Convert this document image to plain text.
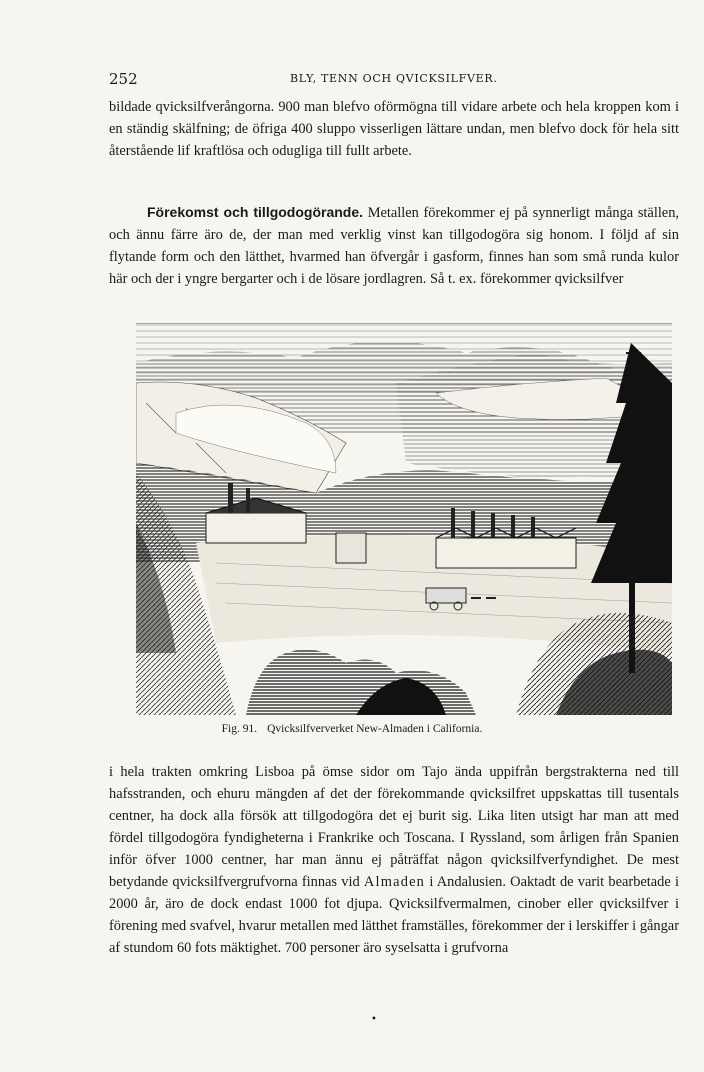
252	BLY, TENN OCH QVICKSILFVER.
bildade qvicksilfverångorna. 900 man blefvo oförmögna till vidare arbete och hela kroppen kom i en ständig skälfning; de öfriga 400 sluppo visserligen lättare undan, men blefvo dock för hela sitt återstående lif kraftlösa och odugliga till fullt arbete.
Förekomst och tillgodogörande. Metallen förekommer ej på synnerligt många ställen, och ännu färre äro de, der man med verklig vinst kan tillgodogöra sig honom. I följd af sin flytande form och den lätthet, hvarmed han öfvergår i gasform, finnes han som små runda kulor här och der i yngre bergarter och i de lösare jordlagren. Så t. ex. förekommer qvicksilfver
Fig. 91. Qvicksilfververket New-Almaden i California.
i hela trakten omkring Lisboa på ömse sidor om Tajo ända uppifrån bergstrakterna ned till hafsstranden, och ehuru mängden af det der förekommande qvicksilfret uppskattas till tusentals centner, ha dock alla försök att tillgodogöra det ej burit sig. Lika liten utsigt har man att med fördel tillgodogöra fyndigheterna i Frankrike och Toscana. I Ryssland, som årligen från Spanien inför öfver 1000 centner, har man ännu ej påträffat någon qvicksilfverfyndighet. De mest betydande qvicksilfvergrufvorna finnas vid Almaden i Andalusien. Oaktadt de varit bearbetade i 2000 år, äro de dock endast 1000 fot djupa. Qvicksilfvermalmen, cinober eller qvicksilfver i förening med svafvel, hvarur metallen med lätthet framställes, förekommer der i lerskiffer i gångar af stundom 60 fots mäktighet. 700 personer äro syselsatta i grufvorna
•
